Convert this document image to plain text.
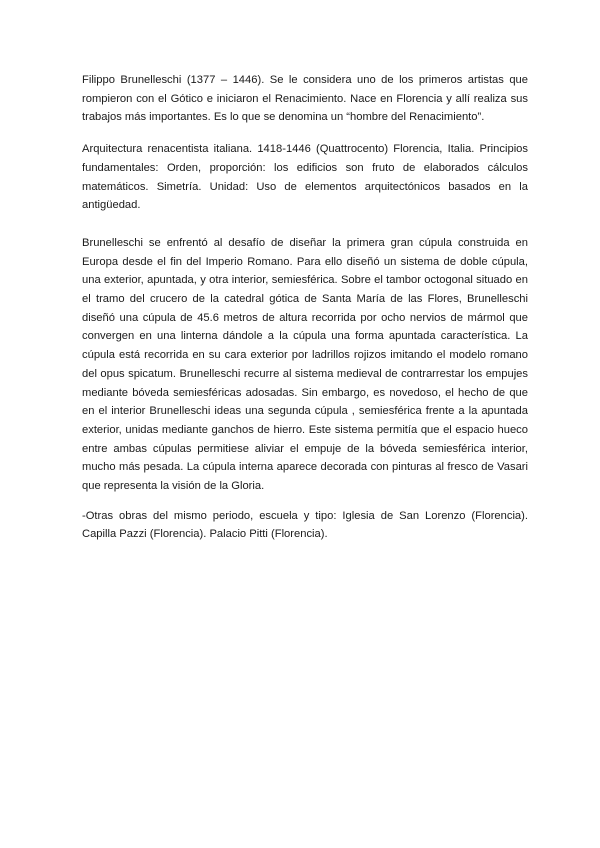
Filippo Brunelleschi (1377 – 1446). Se le considera uno de los primeros artistas que rompieron con el Gótico e iniciaron el Renacimiento. Nace en Florencia y allí realiza sus trabajos más importantes. Es lo que se denomina un “hombre del Renacimiento”.

Arquitectura renacentista italiana. 1418-1446 (Quattrocento) Florencia, Italia. Principios fundamentales: Orden, proporción: los edificios son fruto de elaborados cálculos matemáticos. Simetría. Unidad: Uso de elementos arquitectónicos basados en la antigüedad.

Brunelleschi se enfrentó al desafío de diseñar la primera gran cúpula construida en Europa desde el fin del Imperio Romano. Para ello diseñó un sistema de doble cúpula, una exterior, apuntada, y otra interior, semiesférica. Sobre el tambor octogonal situado en el tramo del crucero de la catedral gótica de Santa María de las Flores, Brunelleschi diseñó una cúpula de 45.6 metros de altura recorrida por ocho nervios de mármol que convergen en una linterna dándole a la cúpula una forma apuntada característica. La cúpula está recorrida en su cara exterior por ladrillos rojizos imitando el modelo romano del opus spicatum. Brunelleschi recurre al sistema medieval de contrarrestar los empujes mediante bóveda semiesféricas adosadas. Sin embargo, es novedoso, el hecho de que en el interior Brunelleschi ideas una segunda cúpula , semiesférica frente a la apuntada exterior, unidas mediante ganchos de hierro. Este sistema permitía que el espacio hueco entre ambas cúpulas permitiese aliviar el empuje de la bóveda semiesférica interior, mucho más pesada. La cúpula interna aparece decorada con pinturas al fresco de Vasari que representa la visión de la Gloria.

-Otras obras del mismo periodo, escuela y tipo: Iglesia de San Lorenzo (Florencia). Capilla Pazzi (Florencia). Palacio Pitti (Florencia).
